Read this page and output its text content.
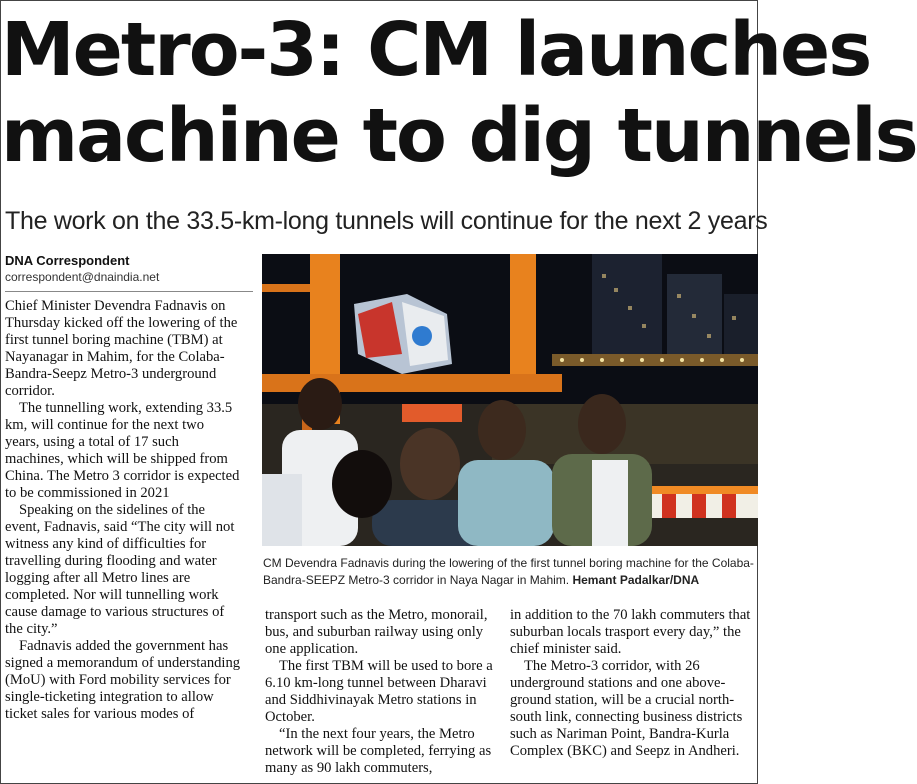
Metro-3: CM launches
machine to dig tunnels
The work on the 33.5-km-long tunnels will continue for the next 2 years
DNA Correspondent
correspondent@dnaindia.net

Chief Minister Devendra Fadnavis on Thursday kicked off the lowering of the first tunnel boring machine (TBM) at Nayanagar in Mahim, for the Colaba-Bandra-Seepz Metro-3 underground corridor.

The tunnelling work, extending 33.5 km, will continue for the next two years, using a total of 17 such machines, which will be shipped from China. The Metro 3 corridor is expected to be commissioned in 2021

Speaking on the sidelines of the event, Fadnavis, said “The city will not witness any kind of difficulties for travelling during flooding and water logging after all Metro lines are completed. Nor will tunnelling work cause damage to various structures of the city.”

Fadnavis added the government has signed a memorandum of understanding (MoU) with Ford mobility services for single-ticketing integration to allow ticket sales for various modes of

CM Devendra Fadnavis during the lowering of the first tunnel boring machine for the Colaba-Bandra-SEEPZ Metro-3 corridor in Naya Nagar in Mahim. Hemant Padalkar/DNA

transport such as the Metro, monorail, bus, and suburban railway using only one application.

The first TBM will be used to bore a 6.10 km-long tunnel between Dharavi and Siddhivinayak Metro stations in October.

“In the next four years, the Metro network will be completed, ferrying as many as 90 lakh commuters,

in addition to the 70 lakh commuters that suburban locals trasport every day,” the chief minister said.

The Metro-3 corridor, with 26 underground stations and one above-ground station, will be a crucial north-south link, connecting business districts such as Nariman Point, Bandra-Kurla Complex (BKC) and Seepz in Andheri.
